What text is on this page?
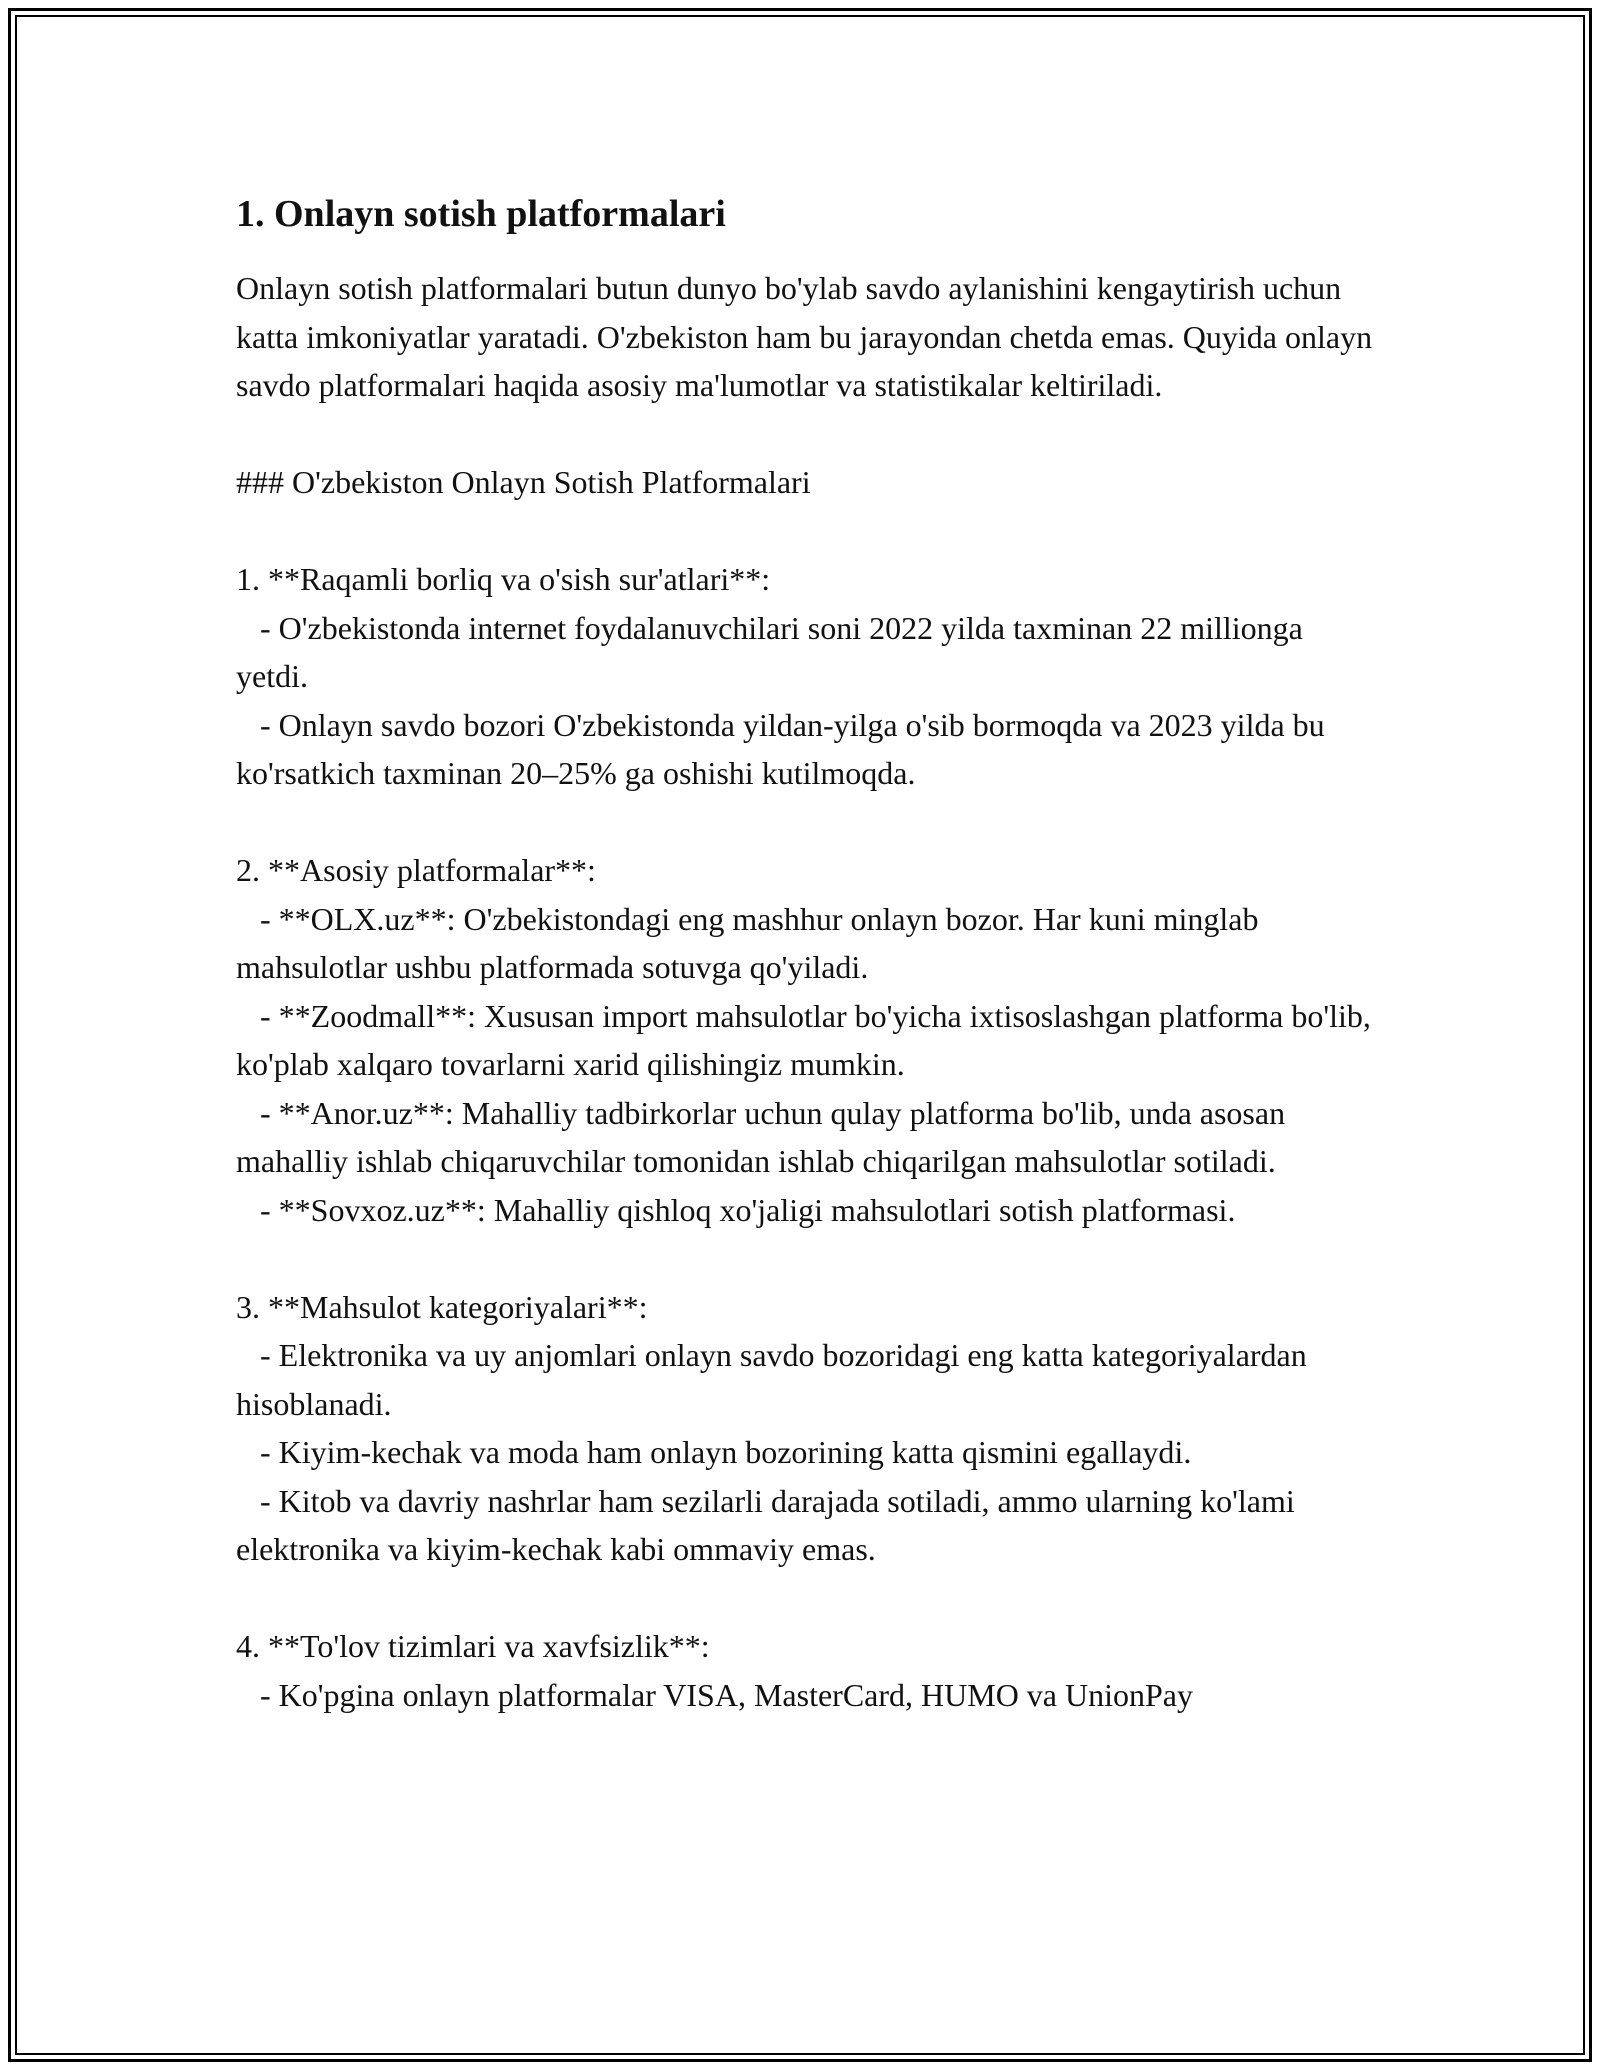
1. Onlayn sotish platformalari

Onlayn sotish platformalari butun dunyo bo'ylab savdo aylanishini kengaytirish uchun katta imkoniyatlar yaratadi. O'zbekiston ham bu jarayondan chetda emas. Quyida onlayn savdo platformalari haqida asosiy ma'lumotlar va statistikalar keltiriladi.

### O'zbekiston Onlayn Sotish Platformalari

1. **Raqamli borliq va o'sish sur'atlari**:

- O'zbekistonda internet foydalanuvchilari soni 2022 yilda taxminan 22 millionga yetdi.

- Onlayn savdo bozori O'zbekistonda yildan-yilga o'sib bormoqda va 2023 yilda bu ko'rsatkich taxminan 20–25% ga oshishi kutilmoqda.

2. **Asosiy platformalar**:

- **OLX.uz**: O'zbekistondagi eng mashhur onlayn bozor. Har kuni minglab mahsulotlar ushbu platformada sotuvga qo'yiladi.

- **Zoodmall**: Xususan import mahsulotlar bo'yicha ixtisoslashgan platforma bo'lib, ko'plab xalqaro tovarlarni xarid qilishingiz mumkin.

- **Anor.uz**: Mahalliy tadbirkorlar uchun qulay platforma bo'lib, unda asosan mahalliy ishlab chiqaruvchilar tomonidan ishlab chiqarilgan mahsulotlar sotiladi.

- **Sovxoz.uz**: Mahalliy qishloq xo'jaligi mahsulotlari sotish platformasi.

3. **Mahsulot kategoriyalari**:

- Elektronika va uy anjomlari onlayn savdo bozoridagi eng katta kategoriyalardan hisoblanadi.

- Kiyim-kechak va moda ham onlayn bozorining katta qismini egallaydi.

- Kitob va davriy nashrlar ham sezilarli darajada sotiladi, ammo ularning ko'lami elektronika va kiyim-kechak kabi ommaviy emas.

4. **To'lov tizimlari va xavfsizlik**:

- Ko'pgina onlayn platformalar VISA, MasterCard, HUMO va UnionPay
